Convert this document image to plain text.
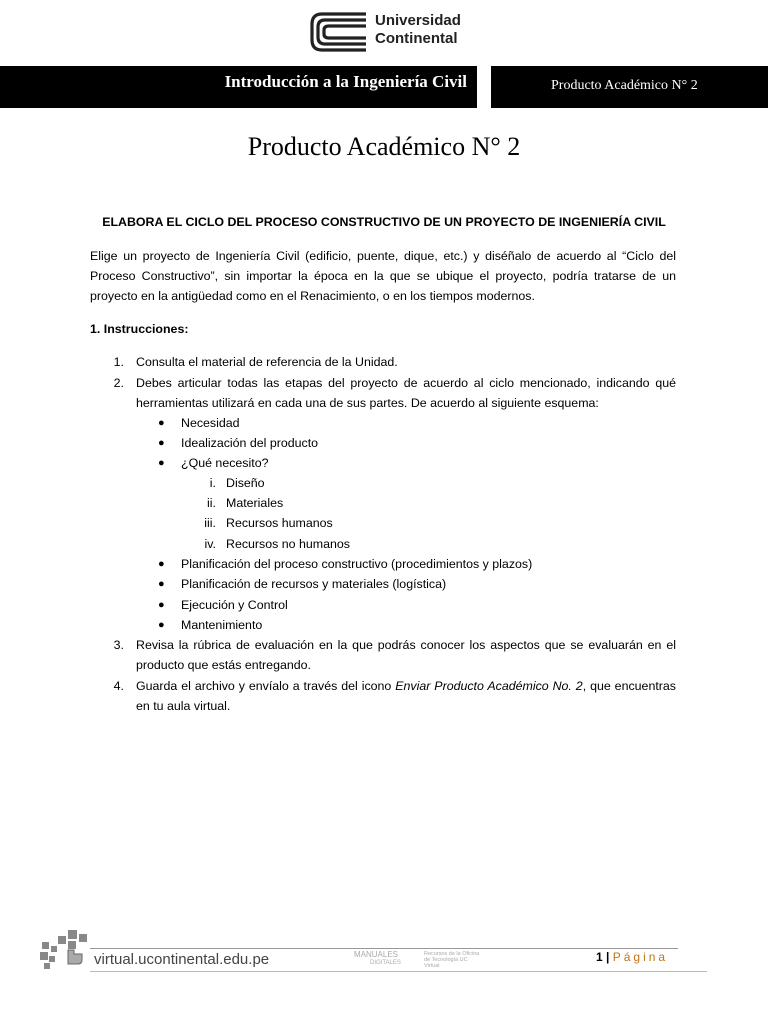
Universidad
Continental
Introducción a la Ingeniería Civil	Producto Académico N° 2
Producto Académico N° 2
ELABORA EL CICLO DEL PROCESO CONSTRUCTIVO DE UN PROYECTO DE INGENIERÍA CIVIL
Elige un proyecto de Ingeniería Civil (edificio, puente, dique, etc.) y diséñalo de acuerdo al “Ciclo del Proceso Constructivo”, sin importar la época en la que se ubique el proyecto, podría tratarse de un proyecto en la antigüedad como en el Renacimiento, o en los tiempos modernos.
1. Instrucciones:
1. Consulta el material de referencia de la Unidad.
2. Debes articular todas las etapas del proyecto de acuerdo al ciclo mencionado, indicando qué herramientas utilizará en cada una de sus partes. De acuerdo al siguiente esquema:
● Necesidad
● Idealización del producto
● ¿Qué necesito?
i. Diseño
ii. Materiales
iii. Recursos humanos
iv. Recursos no humanos
● Planificación del proceso constructivo (procedimientos y plazos)
● Planificación de recursos y materiales (logística)
● Ejecución y Control
● Mantenimiento
3. Revisa la rúbrica de evaluación en la que podrás conocer los aspectos que se evaluarán en el producto que estás entregando.
4. Guarda el archivo y envíalo a través del icono Enviar Producto Académico No. 2, que encuentras en tu aula virtual.
virtual.ucontinental.edu.pe	MANUALES
DIGITALES
Recursos de la Oficina de Tecnología UC Virtual
1 | Página
